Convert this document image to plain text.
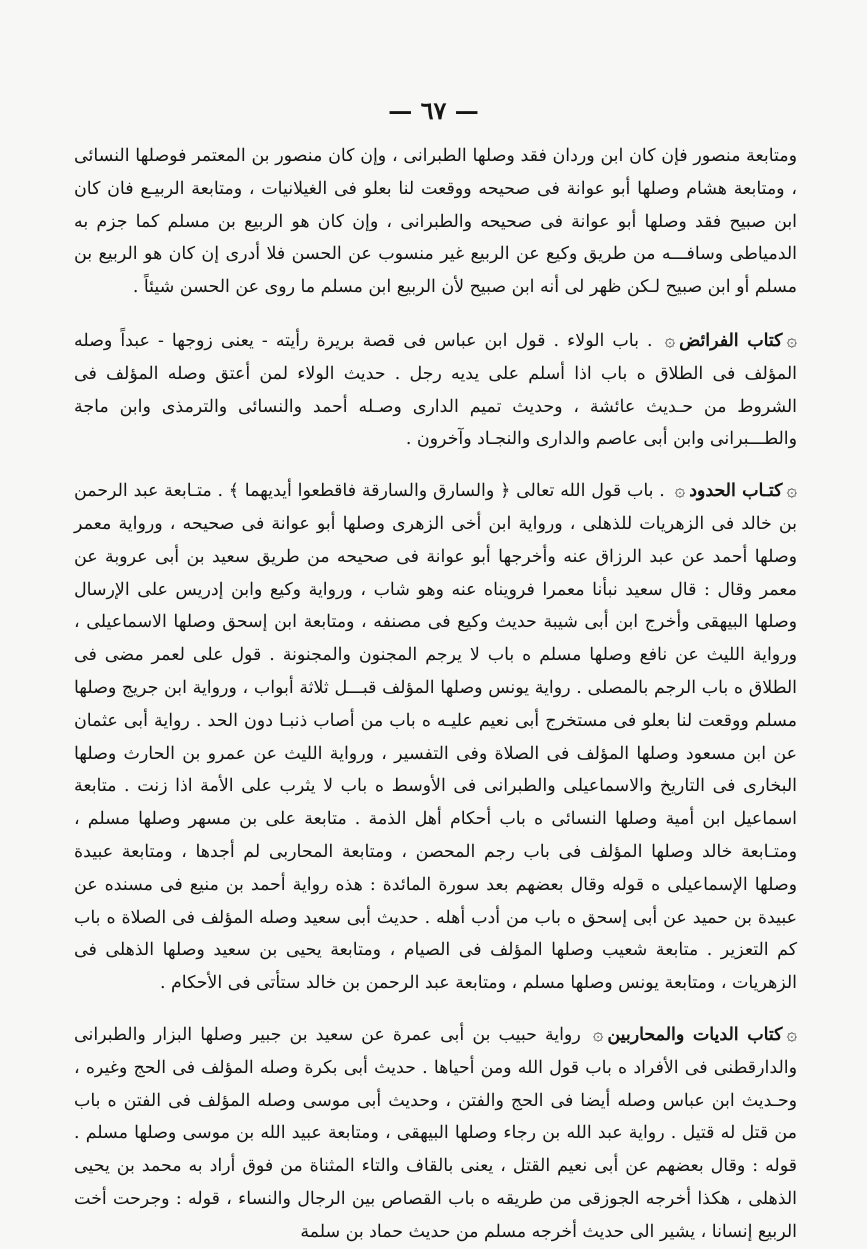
— ٦٧ —

ومتابعة منصور فإن كان ابن وردان فقد وصلها الطبرانی ، وإن كان منصور بن المعتمر فوصلها النسائی ، ومتابعة هشام وصلها أبو عوانة فی صحيحه ووقعت لنا بعلو فی الغيلانيات ، ومتابعة الربيـع فان كان ابن صبيح فقد وصلها أبو عوانة فی صحيحه والطبرانی ، وإن كان هو الربيع بن مسلم كما جزم به الدمياطی وسافـــه من طريق وكيع عن الربيع غير منسوب عن الحسن فلا أدری إن كان هو الربيع بن مسلم أو ابن صبيح لـكن ظهر لی أنه ابن صبيح لأن الربيع ابن مسلم ما روى عن الحسن شيئاً .

۞كتاب الفرائض۞ . باب الولاء . قول ابن عباس فی قصة بريرة رأيته - يعنی زوجها - عبداً وصله المؤلف فی الطلاق ه باب اذا أسلم علی يديه رجل . حديث الولاء لمن أعتق وصله المؤلف فی الشروط من حـديث عائشة ، وحديث تميم الداری وصـله أحمد والنسائی والترمذی وابن ماجة والطـــبرانی وابن أبی عاصم والداری والنجـاد وآخرون .

۞كتـاب الحدود۞ . باب قول الله تعالی ﴿ والسارق والسارقة فاقطعوا أيديهما ﴾ . متـابعة عبد الرحمن بن خالد فی الزهريات للذهلی ، ورواية ابن أخی الزهری وصلها أبو عوانة فی صحيحه ، ورواية معمر وصلها أحمد عن عبد الرزاق عنه وأخرجها أبو عوانة فی صحيحه من طريق سعيد بن أبی عروبة عن معمر وقال : قال سعيد نبأنا معمرا فرويناه عنه وهو شاب ، ورواية وكيع وابن إدريس علی الإرسال وصلها البيهقی وأخرج ابن أبی شيبة حديث وكيع فی مصنفه ، ومتابعة ابن إسحق وصلها الاسماعيلی ، ورواية الليث عن نافع وصلها مسلم ه باب لا يرجم المجنون والمجنونة . قول علی لعمر مضی فی الطلاق ه باب الرجم بالمصلی . رواية يونس وصلها المؤلف قبـــل ثلاثة أبواب ، ورواية ابن جريج وصلها مسلم ووقعت لنا بعلو فی مستخرج أبی نعيم عليـه ه باب من أصاب ذنبـا دون الحد . رواية أبی عثمان عن ابن مسعود وصلها المؤلف فی الصلاة وفی التفسير ، ورواية الليث عن عمرو بن الحارث وصلها البخاری فی التاريخ والاسماعيلی والطبرانی فی الأوسط ه باب لا يثرب علی الأمة اذا زنت . متابعة اسماعيل ابن أمية وصلها النسائی ه باب أحكام أهل الذمة . متابعة علی بن مسهر وصلها مسلم ، ومتـابعة خالد وصلها المؤلف فی باب رجم المحصن ، ومتابعة المحاربی لم أجدها ، ومتابعة عبيدة وصلها الإسماعيلی ه قوله وقال بعضهم بعد سورة المائدة : هذه رواية أحمد بن منيع فی مسنده عن عبيدة بن حميد عن أبی إسحق ه باب من أدب أهله . حديث أبی سعيد وصله المؤلف فی الصلاة ه باب كم التعزير . متابعة شعيب وصلها المؤلف فی الصيام ، ومتابعة يحيی بن سعيد وصلها الذهلی فی الزهريات ، ومتابعة يونس وصلها مسلم ، ومتابعة عبد الرحمن بن خالد ستأتی فی الأحكام .

۞كتاب الديات والمحاربين۞ رواية حبيب بن أبی عمرة عن سعيد بن جبير وصلها البزار والطبرانی والدارقطنی فی الأفراد ه باب قول الله ومن أحياها . حديث أبی بكرة وصله المؤلف فی الحج وغيره ، وحـديث ابن عباس وصله أيضا فی الحج والفتن ، وحديث أبی موسی وصله المؤلف فی الفتن ه باب من قتل له قتيل . رواية عبد الله بن رجاء وصلها البيهقی ، ومتابعة عبيد الله بن موسی وصلها مسلم . قوله : وقال بعضهم عن أبی نعيم القتل ، يعنی بالقاف والتاء المثناة من فوق أراد به محمد بن يحيی الذهلی ، هكذا أخرجه الجوزقی من طريقه ه باب القصاص بين الرجال والنساء ، قوله : وجرحت أخت الربيع إنسانا ، يشير الی حديث أخرجه مسلم من حديث حماد بن سلمة
